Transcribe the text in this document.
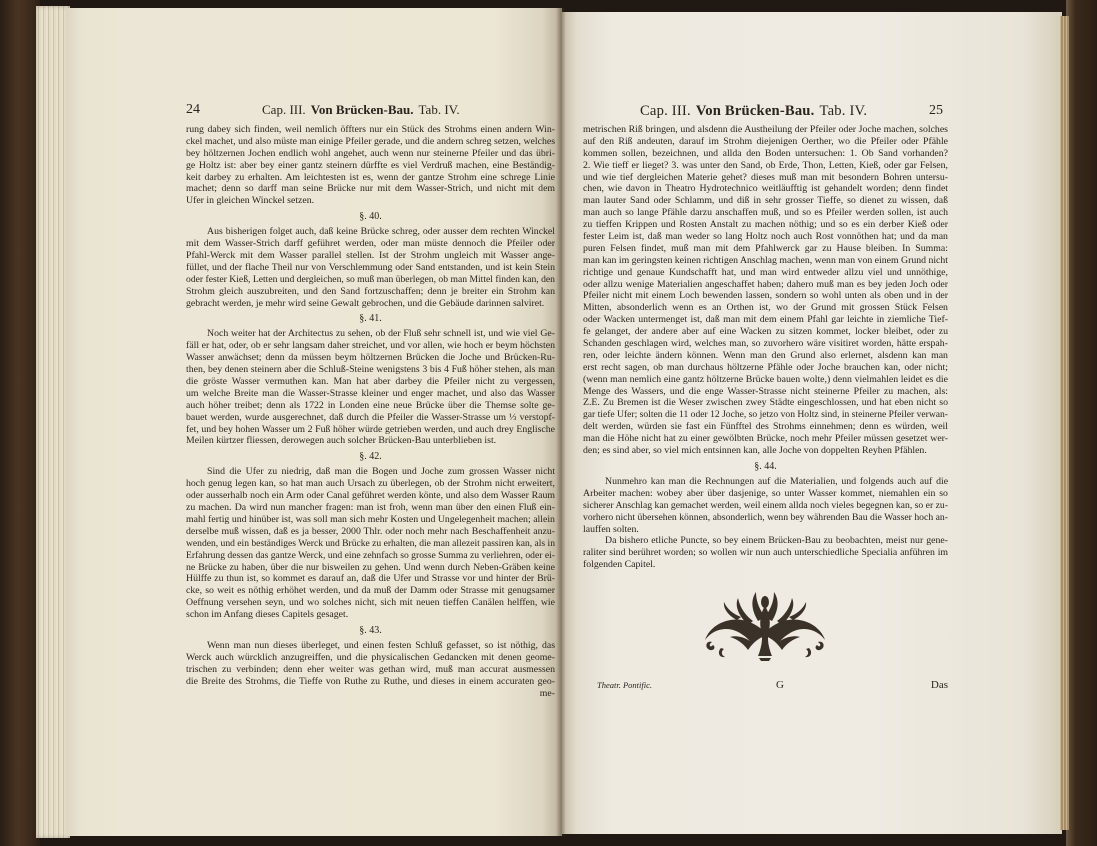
24	Cap. III. Von Brücken-Bau. Tab. IV.	Cap. III. Von Brücken-Bau. Tab. IV.	25
rung dabey sich finden, weil nemlich öffters nur ein Stück des Strohms einen andern Win-
ckel machet, und also müste man einige Pfeiler gerade, und die andern schreg setzen, welches
bey höltzernen Jochen endlich wohl angehet, auch wenn nur steinerne Pfeiler und das übri-
ge Holtz ist: aber bey einer gantz steinern dürffte es viel Verdruß machen, eine Beständig-
keit darbey zu erhalten. Am leichtesten ist es, wenn der gantze Strohm eine schrege Linie
machet; denn so darff man seine Brücke nur mit dem Wasser-Strich, und nicht mit dem
Ufer in gleichen Winckel setzen.
§. 40.
Aus bisherigen folget auch, daß keine Brücke schreg, oder ausser dem rechten Winckel
mit dem Wasser-Strich darff geführet werden, oder man müste dennoch die Pfeiler oder
Pfahl-Werck mit dem Wasser parallel stellen. Ist der Strohm ungleich mit Wasser ange-
füllet, und der flache Theil nur von Verschlemmung oder Sand entstanden, und ist kein Stein
oder fester Kieß, Letten und dergleichen, so muß man überlegen, ob man Mittel finden kan, den
Strohm gleich auszubreiten, und den Sand fortzuschaffen; denn je breiter ein Strohm kan
gebracht werden, je mehr wird seine Gewalt gebrochen, und die Gebäude darinnen salviret.
§. 41.
Noch weiter hat der Architectus zu sehen, ob der Fluß sehr schnell ist, und wie viel Ge-
fäll er hat, oder, ob er sehr langsam daher streichet, und vor allen, wie hoch er beym höchsten
Wasser anwächset; denn da müssen beym höltzernen Brücken die Joche und Brücken-Ru-
then, bey denen steinern aber die Schluß-Steine wenigstens 3 bis 4 Fuß höher stehen, als man
die gröste Wasser vermuthen kan. Man hat aber darbey die Pfeiler nicht zu vergessen,
um welche Breite man die Wasser-Strasse kleiner und enger machet, und also das Wasser
auch höher treibet; denn als 1722 in Londen eine neue Brücke über die Themse solte ge-
bauet werden, wurde ausgerechnet, daß durch die Pfeiler die Wasser-Strasse um ⅓ verstopf-
fet, und bey hohen Wasser um 2 Fuß höher würde getrieben werden, und auch drey Englische
Meilen kürtzer fliessen, derowegen auch solcher Brücken-Bau unterblieben ist.
§. 42.
Sind die Ufer zu niedrig, daß man die Bogen und Joche zum grossen Wasser nicht
hoch genug legen kan, so hat man auch Ursach zu überlegen, ob der Strohm nicht erweitert,
oder ausserhalb noch ein Arm oder Canal geführet werden könte, und also dem Wasser Raum
zu machen. Da wird nun mancher fragen: man ist froh, wenn man über den einen Fluß ein-
mahl fertig und hinüber ist, was soll man sich mehr Kosten und Ungelegenheit machen; allein
derselbe muß wissen, daß es ja besser, 2000 Thlr. oder noch mehr nach Beschaffenheit anzu-
wenden, und ein beständiges Werck und Brücke zu erhalten, die man allezeit passiren kan, als in
Erfahrung dessen das gantze Werck, und eine zehnfach so grosse Summa zu verliehren, oder ei-
ne Brücke zu haben, über die nur bisweilen zu gehen. Und wenn durch Neben-Gräben keine
Hülffe zu thun ist, so kommet es darauf an, daß die Ufer und Strasse vor und hinter der Brü-
cke, so weit es nöthig erhöhet werden, und da muß der Damm oder Strasse mit genugsamer
Oeffnung versehen seyn, und wo solches nicht, sich mit neuen tieffen Canälen helffen, wie
schon im Anfang dieses Capitels gesaget.
§. 43.
Wenn man nun dieses überleget, und einen festen Schluß gefasset, so ist nöthig, das
Werck auch würcklich anzugreiffen, und die physicalischen Gedancken mit denen geome-
trischen zu verbinden; denn eher weiter was gethan wird, muß man accurat ausmessen
die Breite des Strohms, die Tieffe von Ruthe zu Ruthe, und dieses in einem accuraten geo-
me-
metrischen Riß bringen, und alsdenn die Austheilung der Pfeiler oder Joche machen, solches
auf den Riß andeuten, darauf im Strohm diejenigen Oerther, wo die Pfeiler oder Pfähle
kommen sollen, bezeichnen, und allda den Boden untersuchen: 1. Ob Sand vorhanden?
2. Wie tieff er lieget? 3. was unter den Sand, ob Erde, Thon, Letten, Kieß, oder gar Felsen,
und wie tief dergleichen Materie gehet? dieses muß man mit besondern Bohren untersu-
chen, wie davon in Theatro Hydrotechnico weitläufftig ist gehandelt worden; denn findet
man lauter Sand oder Schlamm, und diß in sehr grosser Tieffe, so dienet zu wissen, daß
man auch so lange Pfähle darzu anschaffen muß, und so es Pfeiler werden sollen, ist auch
zu tieffen Krippen und Rosten Anstalt zu machen nöthig; und so es ein derber Kieß oder
fester Leim ist, daß man weder so lang Holtz noch auch Rost vonnöthen hat; und da man
puren Felsen findet, muß man mit dem Pfahlwerck gar zu Hause bleiben. In Summa:
man kan im geringsten keinen richtigen Anschlag machen, wenn man von einem Grund nicht
richtige und genaue Kundschafft hat, und man wird entweder allzu viel und unnöthige,
oder allzu wenige Materialien angeschaffet haben; dahero muß man es bey jeden Joch oder
Pfeiler nicht mit einem Loch bewenden lassen, sondern so wohl unten als oben und in der
Mitten, absonderlich wenn es an Orthen ist, wo der Grund mit grossen Stück Felsen
oder Wacken untermenget ist, daß man mit dem einem Pfahl gar leichte in ziemliche Tief-
fe gelanget, der andere aber auf eine Wacken zu sitzen kommet, locker bleibet, oder zu
Schanden geschlagen wird, welches man, so zuvorhero wäre visitiret worden, hätte erspah-
ren, oder leichte ändern können. Wenn man den Grund also erlernet, alsdenn kan man
erst recht sagen, ob man durchaus höltzerne Pfähle oder Joche brauchen kan, oder nicht;
(wenn man nemlich eine gantz höltzerne Brücke bauen wolte,) denn vielmahlen leidet es die
Menge des Wassers, und die enge Wasser-Strasse nicht steinerne Pfeiler zu machen, als:
Z.E. Zu Bremen ist die Weser zwischen zwey Städte eingeschlossen, und hat eben nicht so
gar tiefe Ufer; solten die 11 oder 12 Joche, so jetzo von Holtz sind, in steinerne Pfeiler verwan-
delt werden, würden sie fast ein Fünfftel des Strohms einnehmen; denn es würden, weil
man die Höhe nicht hat zu einer gewölbten Brücke, noch mehr Pfeiler müssen gesetzet wer-
den; es sind aber, so viel mich entsinnen kan, alle Joche von doppelten Reyhen Pfählen.
§. 44.
Nunmehro kan man die Rechnungen auf die Materialien, und folgends auch auf die
Arbeiter machen: wobey aber über dasjenige, so unter Wasser kommet, niemahlen ein so
sicherer Anschlag kan gemachet werden, weil einem allda noch vieles begegnen kan, so er zu-
vorhero nicht übersehen können, absonderlich, wenn bey währenden Bau die Wasser hoch an-
lauffen solten.
Da bishero etliche Puncte, so bey einem Brücken-Bau zu beobachten, meist nur gene-
raliter sind berühret worden; so wollen wir nun auch unterschiedliche Specialia anführen im
folgenden Capitel.
Theatr. Pontific.	G	Das
